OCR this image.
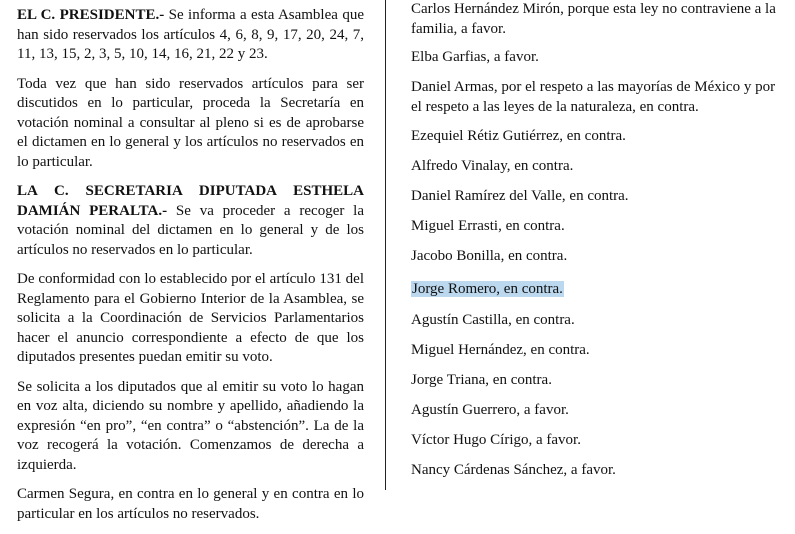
EL C. PRESIDENTE.- Se informa a esta Asamblea que han sido reservados los artículos 4, 6, 8, 9, 17, 20, 24, 7, 11, 13, 15, 2, 3, 5, 10, 14, 16, 21, 22 y 23.

Toda vez que han sido reservados artículos para ser discutidos en lo particular, proceda la Secretaría en votación nominal a consultar al pleno si es de aprobarse el dictamen en lo general y los artículos no reservados en lo particular.

LA C. SECRETARIA DIPUTADA ESTHELA DAMIÁN PERALTA.- Se va proceder a recoger la votación nominal del dictamen en lo general y de los artículos no reservados en lo particular.

De conformidad con lo establecido por el artículo 131 del Reglamento para el Gobierno Interior de la Asamblea, se solicita a la Coordinación de Servicios Parlamentarios hacer el anuncio correspondiente a efecto de que los diputados presentes puedan emitir su voto.

Se solicita a los diputados que al emitir su voto lo hagan en voz alta, diciendo su nombre y apellido, añadiendo la expresión “en pro”, “en contra” o “abstención”. La de la voz recogerá la votación. Comenzamos de derecha a izquierda.

Carmen Segura, en contra en lo general y en contra en lo particular en los artículos no reservados.

Carlos Hernández Mirón, porque esta ley no contraviene a la familia, a favor.
Elba Garfias, a favor.
Daniel Armas, por el respeto a las mayorías de México y por el respeto a las leyes de la naturaleza, en contra.
Ezequiel Rétiz Gutiérrez, en contra.
Alfredo Vinalay, en contra.
Daniel Ramírez del Valle, en contra.
Miguel Errasti, en contra.
Jacobo Bonilla, en contra.
Jorge Romero, en contra.
Agustín Castilla, en contra.
Miguel Hernández, en contra.
Jorge Triana, en contra.
Agustín Guerrero, a favor.
Víctor Hugo Círigo, a favor.
Nancy Cárdenas Sánchez, a favor.
